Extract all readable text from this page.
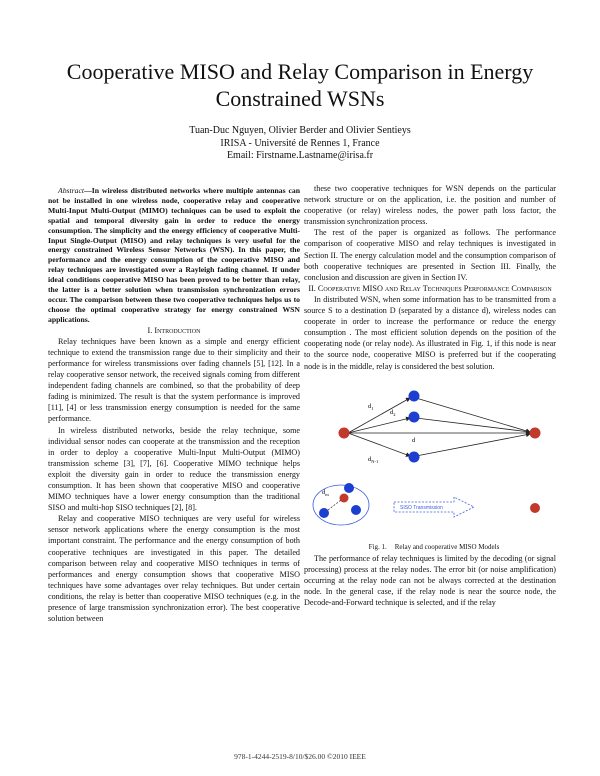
Cooperative MISO and Relay Comparison in Energy Constrained WSNs
Tuan-Duc Nguyen, Olivier Berder and Olivier Sentieys
IRISA - Université de Rennes 1, France
Email: Firstname.Lastname@irisa.fr

Abstract—In wireless distributed networks where multiple antennas can not be installed in one wireless node, cooperative relay and cooperative Multi-Input Multi-Output (MIMO) techniques can be used to exploit the spatial and temporal diversity gain in order to reduce the energy consumption. The simplicity and the energy efficiency of cooperative Multi-Input Single-Output (MISO) and relay techniques is very useful for the energy constrained Wireless Sensor Networks (WSN). In this paper, the performance and the energy consumption of the cooperative MISO and relay techniques are investigated over a Rayleigh fading channel. If under ideal conditions cooperative MISO has been proved to be better than relay, the latter is a better solution when transmission synchronization errors occur. The comparison between these two cooperative techniques helps us to choose the optimal cooperative strategy for energy constrained WSN applications.

I. Introduction

Relay techniques have been known as a simple and energy efficient technique to extend the transmission range due to their simplicity and their performance for wireless transmissions over fading channels [5], [12]. In a relay cooperative sensor network, the received signals coming from different independent fading channels are combined, so that the probability of deep fading is minimized. The result is that the system performance is improved [11], [4] or less transmission energy consumption is needed for the same performance.

In wireless distributed networks, beside the relay technique, some individual sensor nodes can cooperate at the transmission and the reception in order to deploy a cooperative Multi-Input Multi-Output (MIMO) transmission scheme [3], [7], [6]. Cooperative MIMO technique helps exploit the diversity gain in order to reduce the transmission energy consumption. It has been shown that cooperative MISO and cooperative MIMO techniques have a lower energy consumption than the traditional SISO and multi-hop SISO techniques [2], [8].

Relay and cooperative MISO techniques are very useful for wireless sensor network applications where the energy consumption is the most important constraint. The performance and the energy consumption of both cooperative techniques are investigated in this paper. The detailed comparison between relay and cooperative MISO techniques in terms of performances and energy consumption shows that cooperative MISO techniques have some advantages over relay techniques. But under certain conditions, the relay is better than cooperative MISO techniques (e.g. in the presence of large transmission synchronization error). The best cooperative solution between

these two cooperative techniques for WSN depends on the particular network structure or on the application, i.e. the position and number of cooperative (or relay) wireless nodes, the power path loss factor, the transmission synchronization process.

The rest of the paper is organized as follows. The performance comparison of cooperative MISO and relay techniques is investigated in Section II. The energy calculation model and the consumption comparison of both cooperative techniques are presented in Section III. Finally, the conclusion and discussion are given in Section IV.

II. Cooperative MISO and Relay Techniques Performance Comparison

In distributed WSN, when some information has to be transmitted from a source S to a destination D (separated by a distance d), wireless nodes can cooperate in order to increase the performance or reduce the energy consumption . The most efficient solution depends on the position of the cooperating node (or relay node). As illustrated in Fig. 1, if this node is near to the source node, cooperative MISO is preferred but if the cooperating node is in the middle, relay is considered the best solution.

$d_1$
$d_2$
d
$d_{N-1}$
$d_m$
SISO Transmission

Fig. 1. Relay and cooperative MISO Models

The performance of relay techniques is limited by the decoding (or signal processing) process at the relay nodes. The error bit (or noise amplification) occurring at the relay node can not be always corrected at the destination node. In the general case, if the relay node is near the source node, the Decode-and-Forward technique is selected, and if the relay

978-1-4244-2519-8/10/$26.00 ©2010 IEEE
